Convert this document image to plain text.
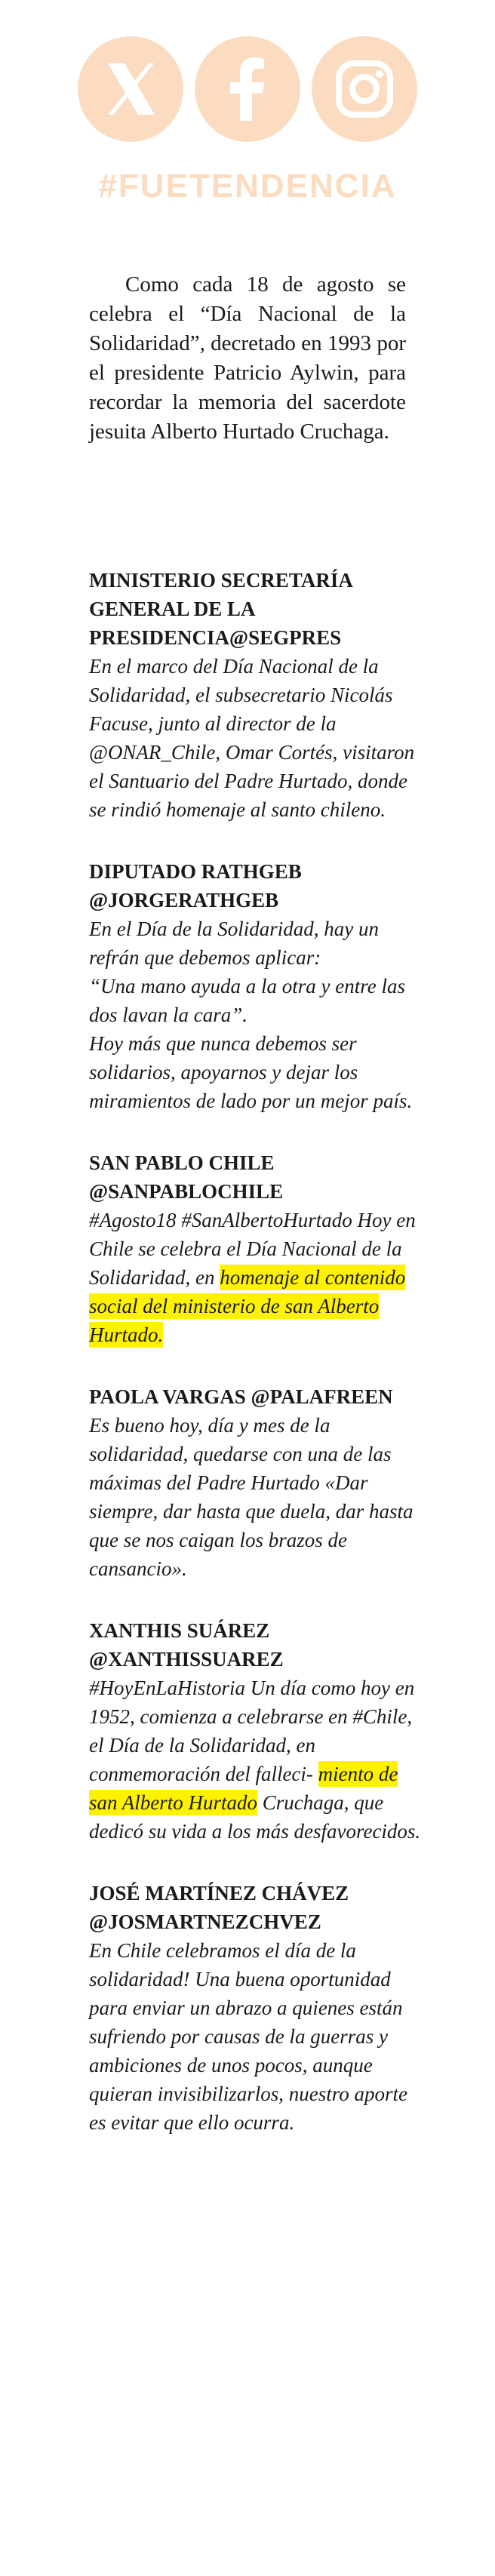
#FUETENDENCIA

Como cada 18 de agosto se celebra el “Día Nacional de la Solidaridad”, decretado en 1993 por el presidente Patricio Aylwin, para recordar la memoria del sacerdote jesuita Alberto Hurtado Cruchaga.

MINISTERIO SECRETARÍA GENERAL DE LA PRESIDENCIA@SEGPRES

En el marco del Día Nacional de la Solidaridad, el subsecretario Nicolás Facuse, junto al director de la @ONAR_Chile, Omar Cortés, visitaron el Santuario del Padre Hurtado, donde se rindió homenaje al santo chileno.

DIPUTADO RATHGEB @JORGERATHGEB

En el Día de la Solidaridad, hay un refrán que debemos aplicar:

“Una mano ayuda a la otra y entre las dos lavan la cara”.

Hoy más que nunca debemos ser solidarios, apoyarnos y dejar los miramientos de lado por un mejor país.

SAN PABLO CHILE @SANPABLOCHILE

#Agosto18 #SanAlbertoHurtado Hoy en Chile se celebra el Día Nacional de la Solidaridad, en homenaje al contenido social del ministerio de san Alberto Hurtado.

PAOLA VARGAS @PALAFREEN

Es bueno hoy, día y mes de la solidaridad, quedarse con una de las máximas del Padre Hurtado «Dar siempre, dar hasta que duela, dar hasta que se nos caigan los brazos de cansancio».

XANTHIS SUÁREZ @XANTHISSUAREZ

#HoyEnLaHistoria Un día como hoy en 1952, comienza a celebrarse en #Chile, el Día de la Solidaridad, en conmemoración del falleci- miento de san Alberto Hurtado Cruchaga, que dedicó su vida a los más desfavorecidos.

JOSÉ MARTÍNEZ CHÁVEZ @JOSMARTNEZCHVEZ

En Chile celebramos el día de la solidaridad! Una buena oportunidad para enviar un abrazo a quienes están sufriendo por causas de la guerras y ambiciones de unos pocos, aunque quieran invisibilizarlos, nuestro aporte es evitar que ello ocurra.
